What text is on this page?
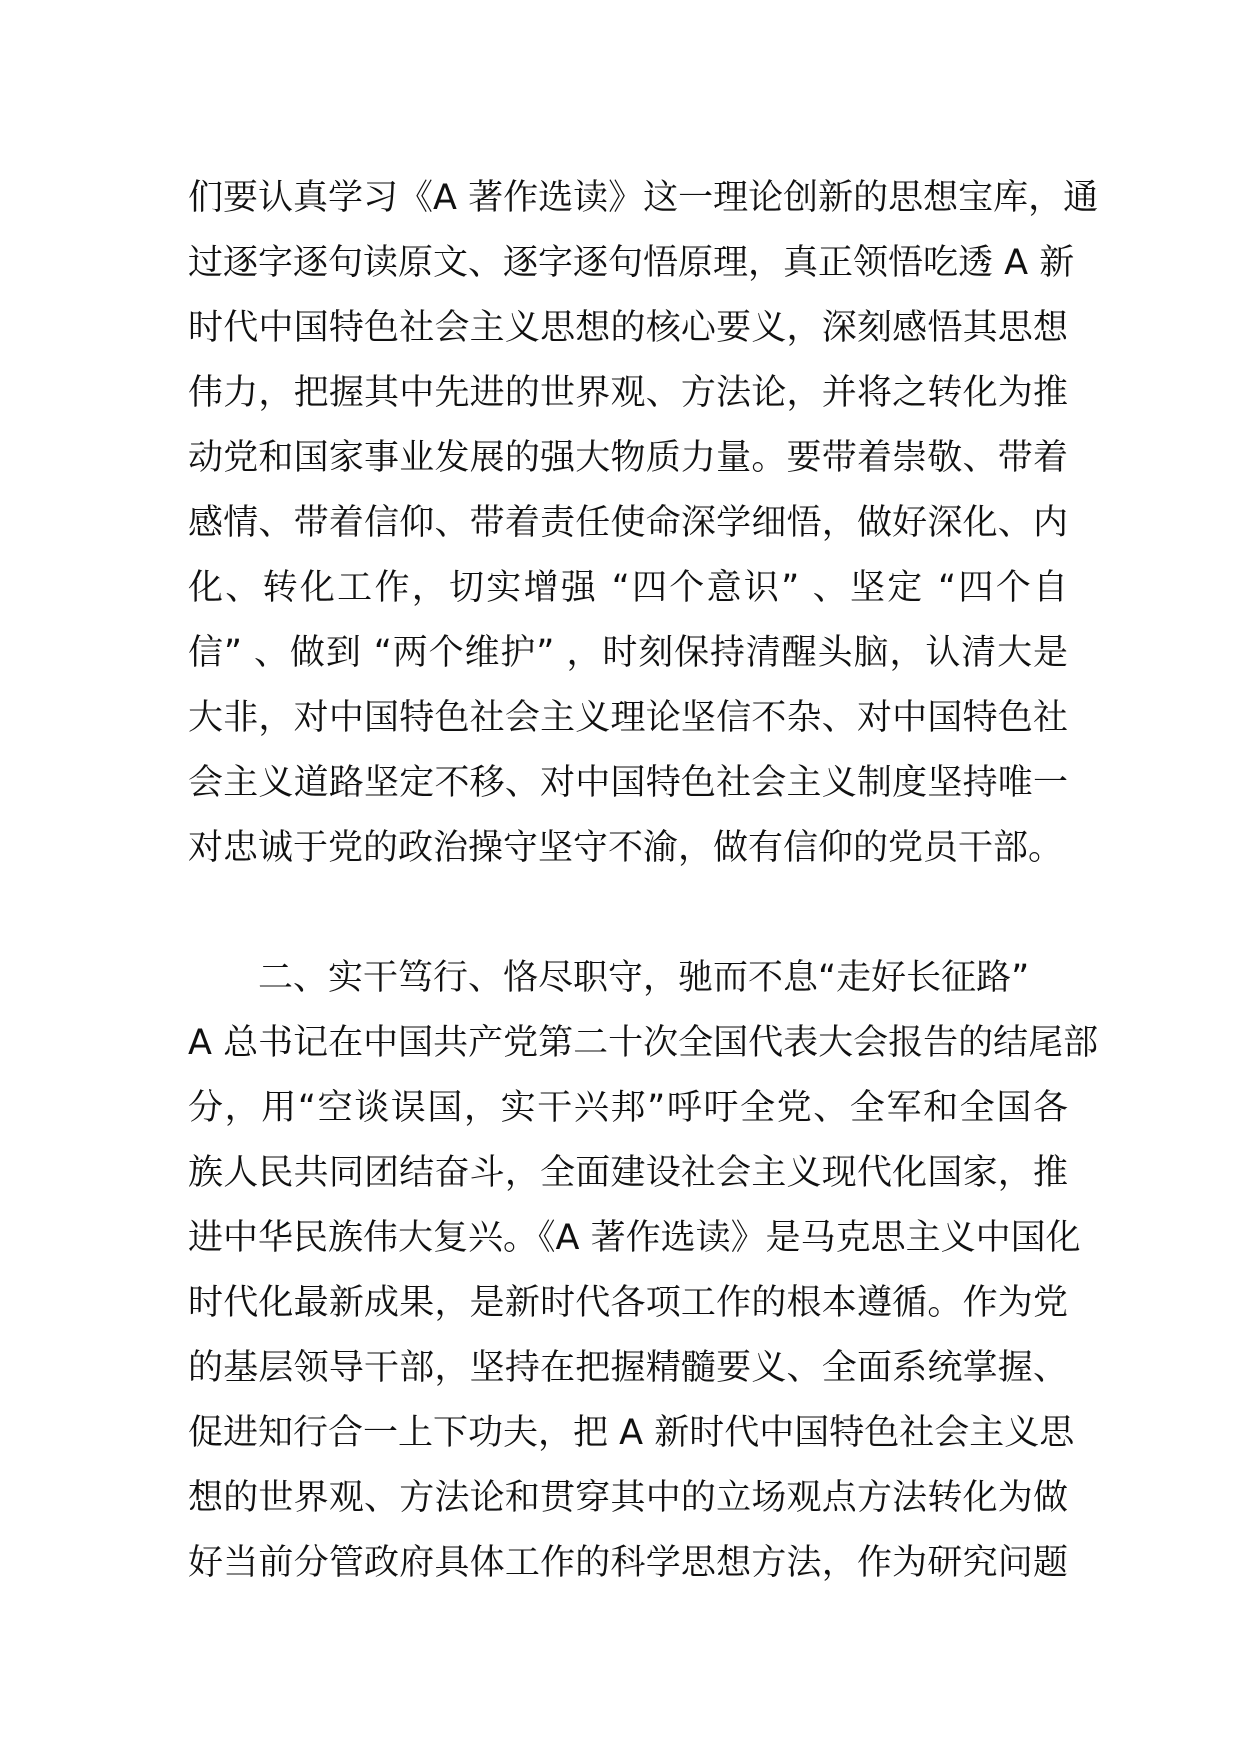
们要认真学习《A 著作选读》这一理论创新的思想宝库，通
过逐字逐句读原文、逐字逐句悟原理，真正领悟吃透 A 新
时代中国特色社会主义思想的核心要义，深刻感悟其思想
伟力，把握其中先进的世界观、方法论，并将之转化为推
动党和国家事业发展的强大物质力量。要带着崇敬、带着
感情、带着信仰、带着责任使命深学细悟，做好深化、内
化、转化工作，切实增强 “四个意识” 、坚定 “四个自
信” 、做到 “两个维护” ，时刻保持清醒头脑，认清大是
大非，对中国特色社会主义理论坚信不杂、对中国特色社
会主义道路坚定不移、对中国特色社会主义制度坚持唯一
对忠诚于党的政治操守坚守不渝，做有信仰的党员干部。
二、实干笃行、恪尽职守，驰而不息“走好长征路”
A 总书记在中国共产党第二十次全国代表大会报告的结尾部
分，用“空谈误国，实干兴邦”呼吁全党、全军和全国各
族人民共同团结奋斗，全面建设社会主义现代化国家，推
进中华民族伟大复兴。《A 著作选读》是马克思主义中国化
时代化最新成果，是新时代各项工作的根本遵循。作为党
的基层领导干部，坚持在把握精髓要义、全面系统掌握、
促进知行合一上下功夫，把 A 新时代中国特色社会主义思
想的世界观、方法论和贯穿其中的立场观点方法转化为做
好当前分管政府具体工作的科学思想方法，作为研究问题
